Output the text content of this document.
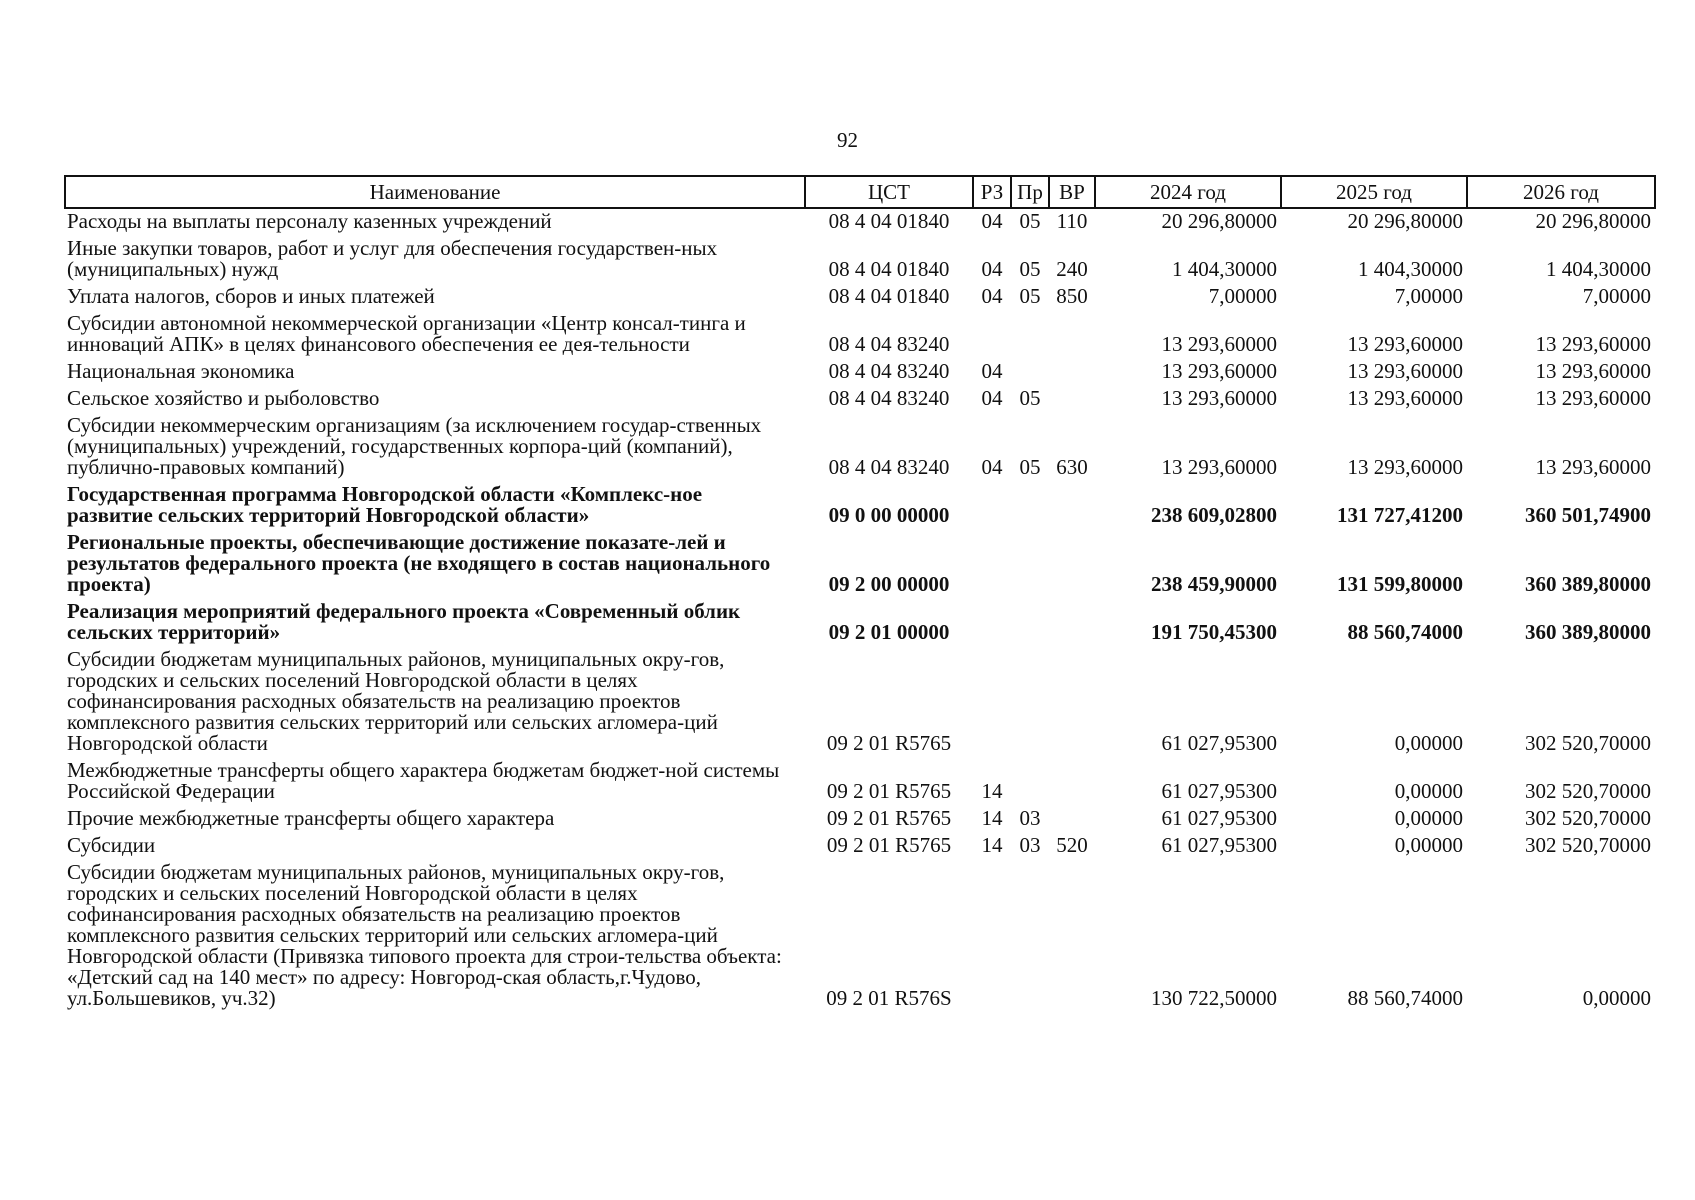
92
Наименование	ЦСТ	РЗ	Пр	ВР	2024 год	2025 год	2026 год
Расходы на выплаты персоналу казенных учреждений	08 4 04 01840	04	05	110	20 296,80000	20 296,80000	20 296,80000
Иные закупки товаров, работ и услуг для обеспечения государствен-ных (муниципальных) нужд	08 4 04 01840	04	05	240	1 404,30000	1 404,30000	1 404,30000
Уплата налогов, сборов и иных платежей	08 4 04 01840	04	05	850	7,00000	7,00000	7,00000
Субсидии автономной некоммерческой организации «Центр консал-тинга и инноваций АПК» в целях финансового обеспечения ее дея-тельности	08 4 04 83240				13 293,60000	13 293,60000	13 293,60000
Национальная экономика	08 4 04 83240	04			13 293,60000	13 293,60000	13 293,60000
Сельское хозяйство и рыболовство	08 4 04 83240	04	05		13 293,60000	13 293,60000	13 293,60000
Субсидии некоммерческим организациям (за исключением государ-ственных (муниципальных) учреждений, государственных корпора-ций (компаний), публично-правовых компаний)	08 4 04 83240	04	05	630	13 293,60000	13 293,60000	13 293,60000
Государственная программа Новгородской области «Комплекс-ное развитие сельских территорий Новгородской области»	09 0 00 00000				238 609,02800	131 727,41200	360 501,74900
Региональные проекты, обеспечивающие достижение показате-лей и результатов федерального проекта (не входящего в состав национального проекта)	09 2 00 00000				238 459,90000	131 599,80000	360 389,80000
Реализация мероприятий федерального проекта «Современный облик сельских территорий»	09 2 01 00000				191 750,45300	88 560,74000	360 389,80000
Субсидии бюджетам муниципальных районов, муниципальных окру-гов, городских и сельских поселений Новгородской области в целях софинансирования расходных обязательств на реализацию проектов комплексного развития сельских территорий или сельских агломера-ций Новгородской области	09 2 01 R5765				61 027,95300	0,00000	302 520,70000
Межбюджетные трансферты общего характера бюджетам бюджет-ной системы Российской Федерации	09 2 01 R5765	14			61 027,95300	0,00000	302 520,70000
Прочие межбюджетные трансферты общего характера	09 2 01 R5765	14	03		61 027,95300	0,00000	302 520,70000
Субсидии	09 2 01 R5765	14	03	520	61 027,95300	0,00000	302 520,70000
Субсидии бюджетам муниципальных районов, муниципальных окру-гов, городских и сельских поселений Новгородской области в целях софинансирования расходных обязательств на реализацию проектов комплексного развития сельских территорий или сельских агломера-ций Новгородской области (Привязка типового проекта для строи-тельства объекта: «Детский сад на 140 мест» по адресу: Новгород-ская область,г.Чудово, ул.Большевиков, уч.32)	09 2 01 R576S				130 722,50000	88 560,74000	0,00000
